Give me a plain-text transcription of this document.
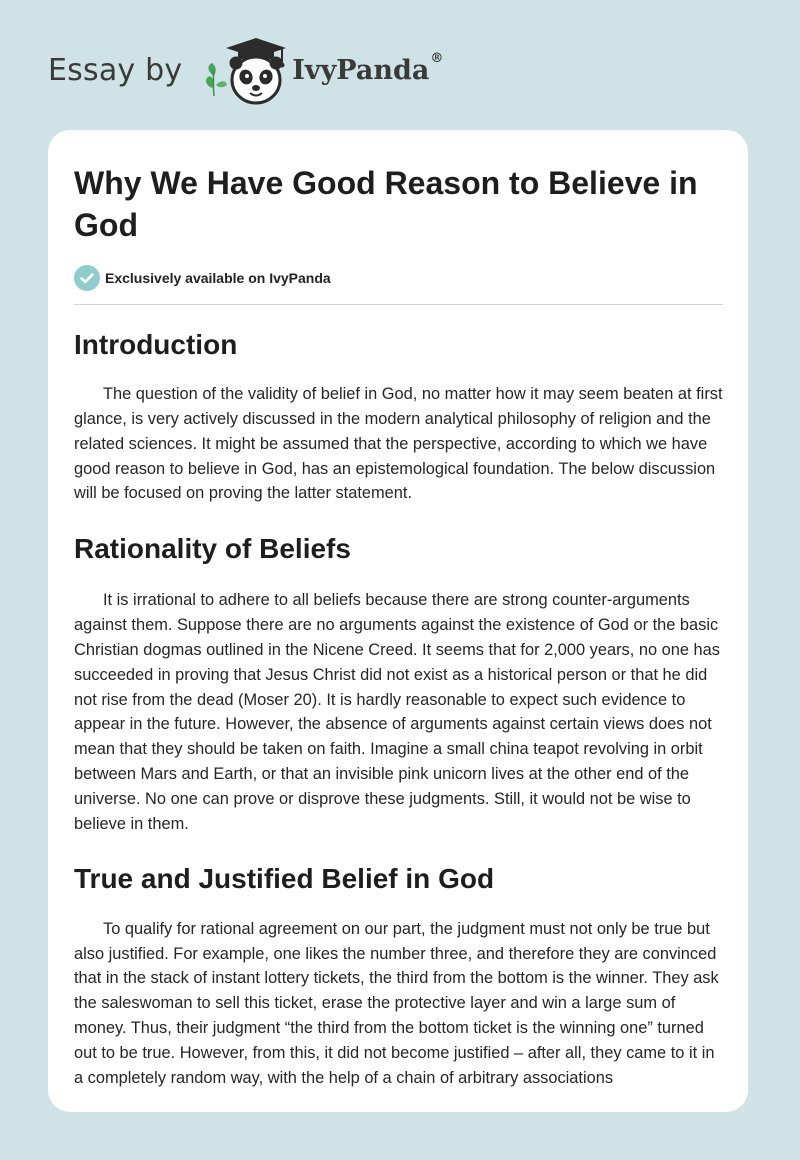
Essay by	IvyPanda®
Why We Have Good Reason to Believe in God
Exclusively available on IvyPanda
Introduction

The question of the validity of belief in God, no matter how it may seem beaten at first glance, is very actively discussed in the modern analytical philosophy of religion and the related sciences. It might be assumed that the perspective, according to which we have good reason to believe in God, has an epistemological foundation. The below discussion will be focused on proving the latter statement.

Rationality of Beliefs

It is irrational to adhere to all beliefs because there are strong counter-arguments against them. Suppose there are no arguments against the existence of God or the basic Christian dogmas outlined in the Nicene Creed. It seems that for 2,000 years, no one has succeeded in proving that Jesus Christ did not exist as a historical person or that he did not rise from the dead (Moser 20). It is hardly reasonable to expect such evidence to appear in the future. However, the absence of arguments against certain views does not mean that they should be taken on faith. Imagine a small china teapot revolving in orbit between Mars and Earth, or that an invisible pink unicorn lives at the other end of the universe. No one can prove or disprove these judgments. Still, it would not be wise to believe in them.

True and Justified Belief in God

To qualify for rational agreement on our part, the judgment must not only be true but also justified. For example, one likes the number three, and therefore they are convinced that in the stack of instant lottery tickets, the third from the bottom is the winner. They ask the saleswoman to sell this ticket, erase the protective layer and win a large sum of money. Thus, their judgment “the third from the bottom ticket is the winning one” turned out to be true. However, from this, it did not become justified – after all, they came to it in a completely random way, with the help of a chain of arbitrary associations
